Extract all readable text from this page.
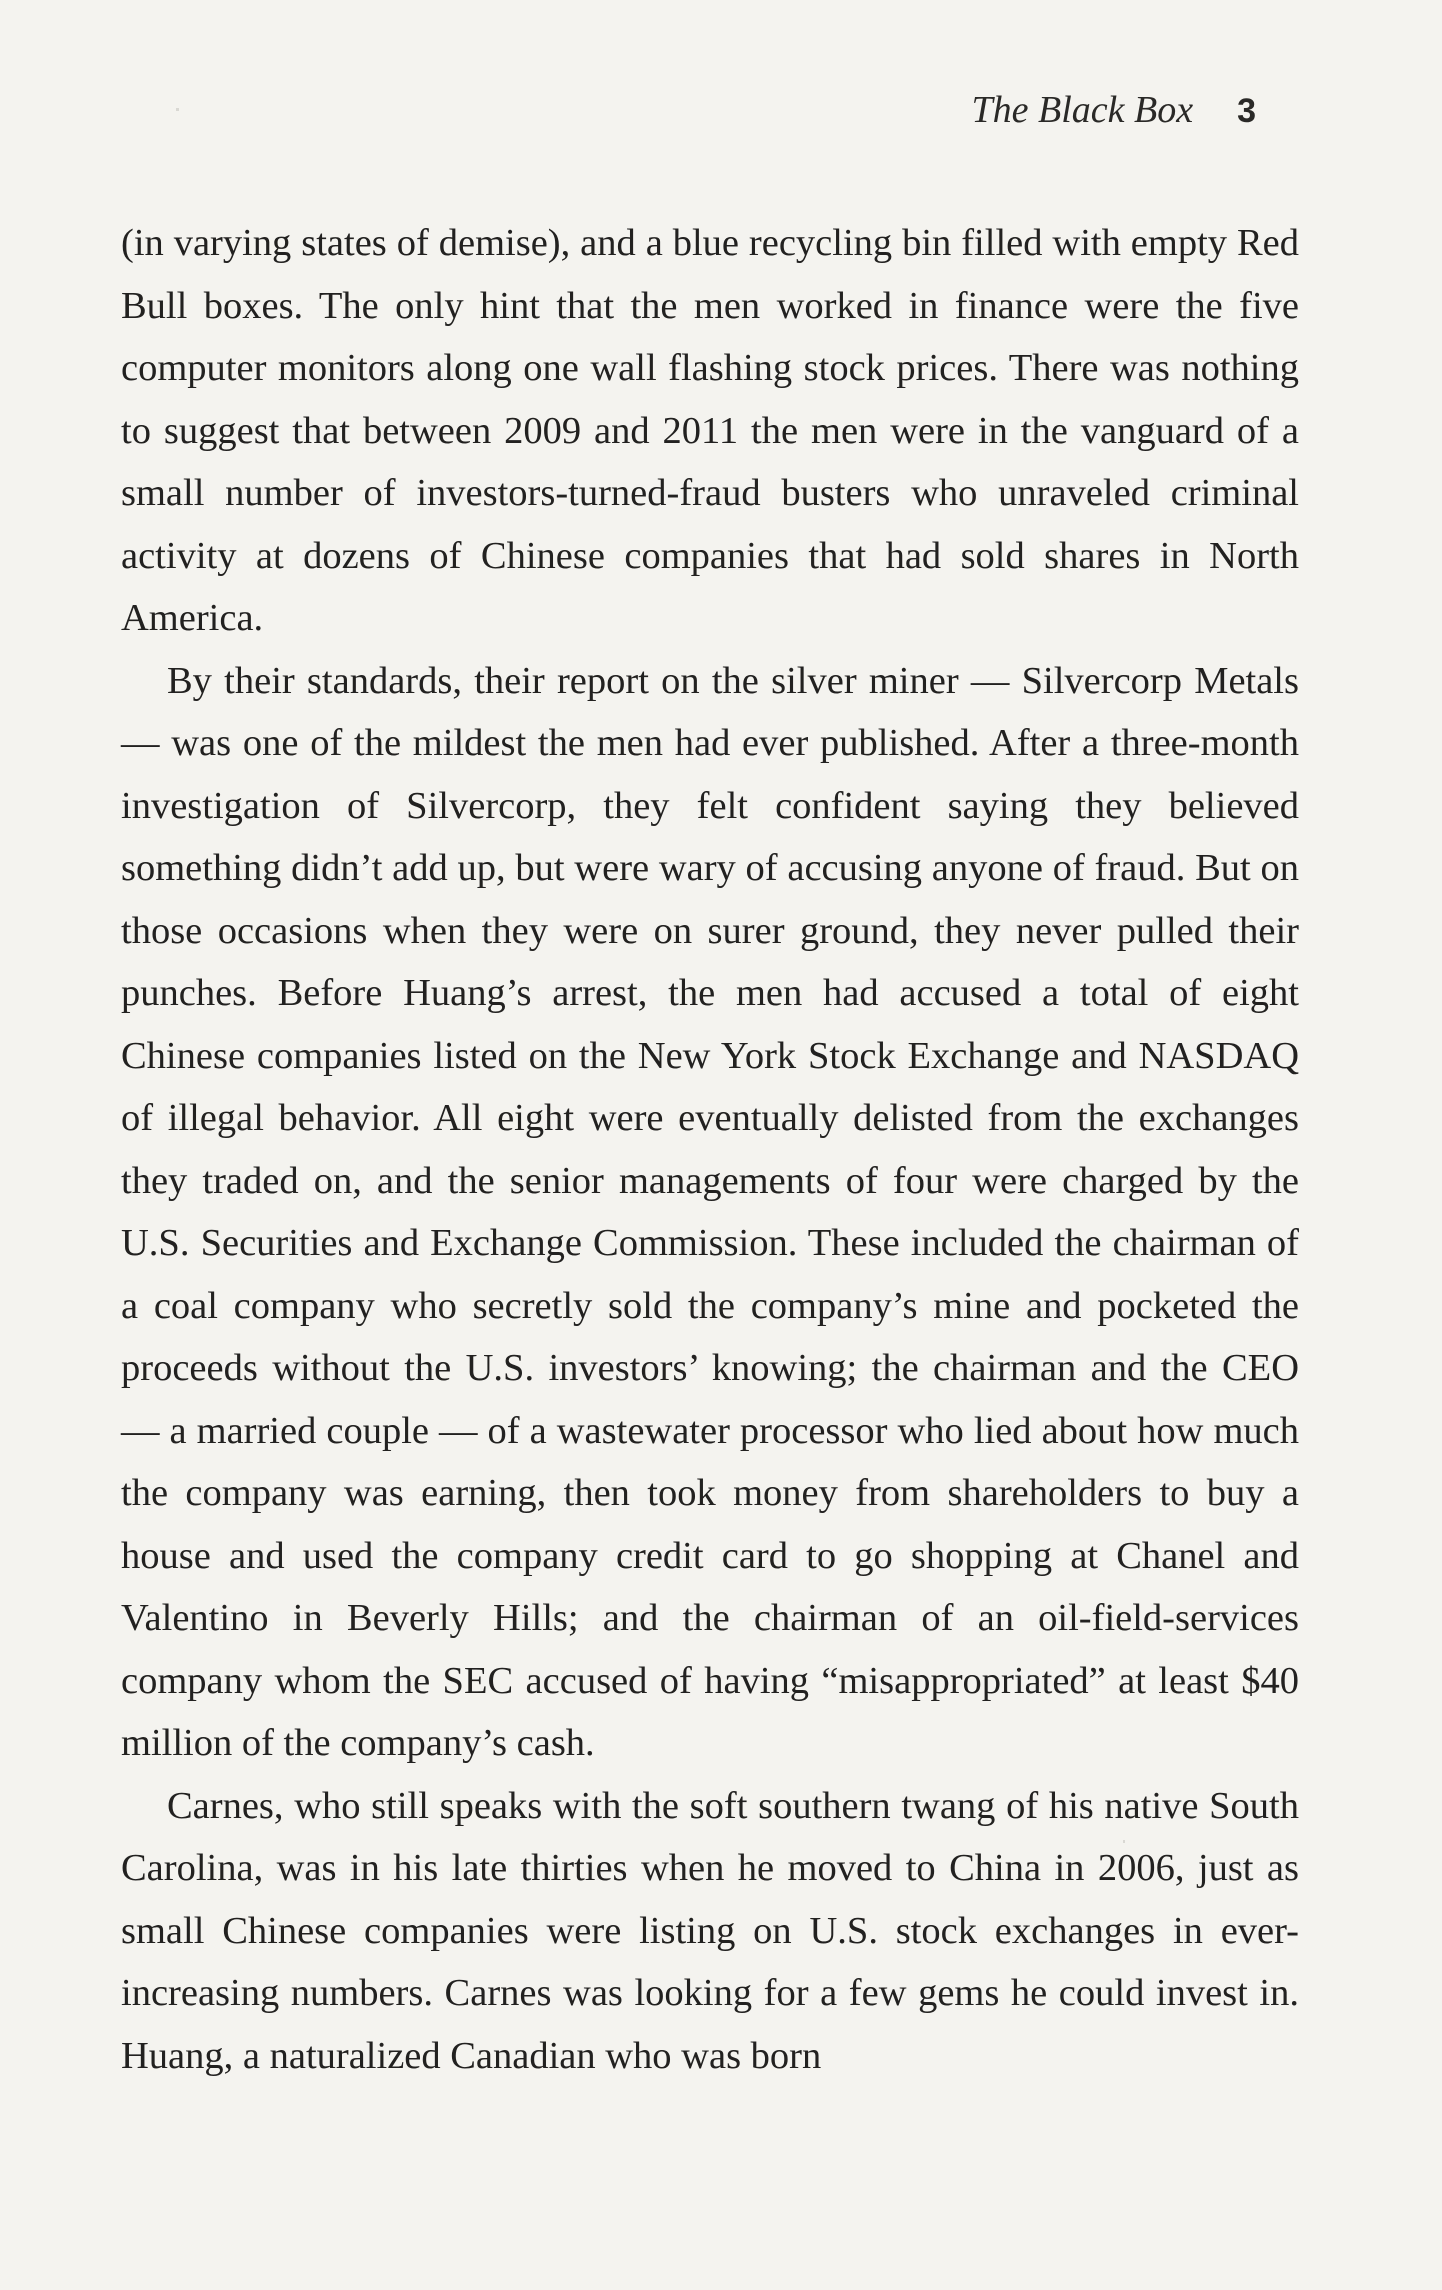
The Black Box 3

(in varying states of demise), and a blue recycling bin filled with empty Red Bull boxes. The only hint that the men worked in finance were the five computer monitors along one wall flashing stock prices. There was nothing to suggest that between 2009 and 2011 the men were in the vanguard of a small number of investors-turned-fraud busters who unraveled criminal activity at dozens of Chinese companies that had sold shares in North America.

By their standards, their report on the silver miner — Silvercorp Metals — was one of the mildest the men had ever published. After a three-month investigation of Silvercorp, they felt confident saying they believed something didn’t add up, but were wary of accusing anyone of fraud. But on those occasions when they were on surer ground, they never pulled their punches. Before Huang’s arrest, the men had accused a total of eight Chinese companies listed on the New York Stock Exchange and NASDAQ of illegal behavior. All eight were eventually delisted from the exchanges they traded on, and the senior managements of four were charged by the U.S. Securities and Exchange Commission. These included the chairman of a coal company who secretly sold the company’s mine and pocketed the proceeds without the U.S. investors’ knowing; the chairman and the CEO — a married couple — of a wastewater processor who lied about how much the company was earning, then took money from shareholders to buy a house and used the company credit card to go shopping at Chanel and Valentino in Beverly Hills; and the chairman of an oil-field-services company whom the SEC accused of having “misappropriated” at least $40 million of the company’s cash.

Carnes, who still speaks with the soft southern twang of his native South Carolina, was in his late thirties when he moved to China in 2006, just as small Chinese companies were listing on U.S. stock exchanges in ever-increasing numbers. Carnes was looking for a few gems he could invest in. Huang, a naturalized Canadian who was born
